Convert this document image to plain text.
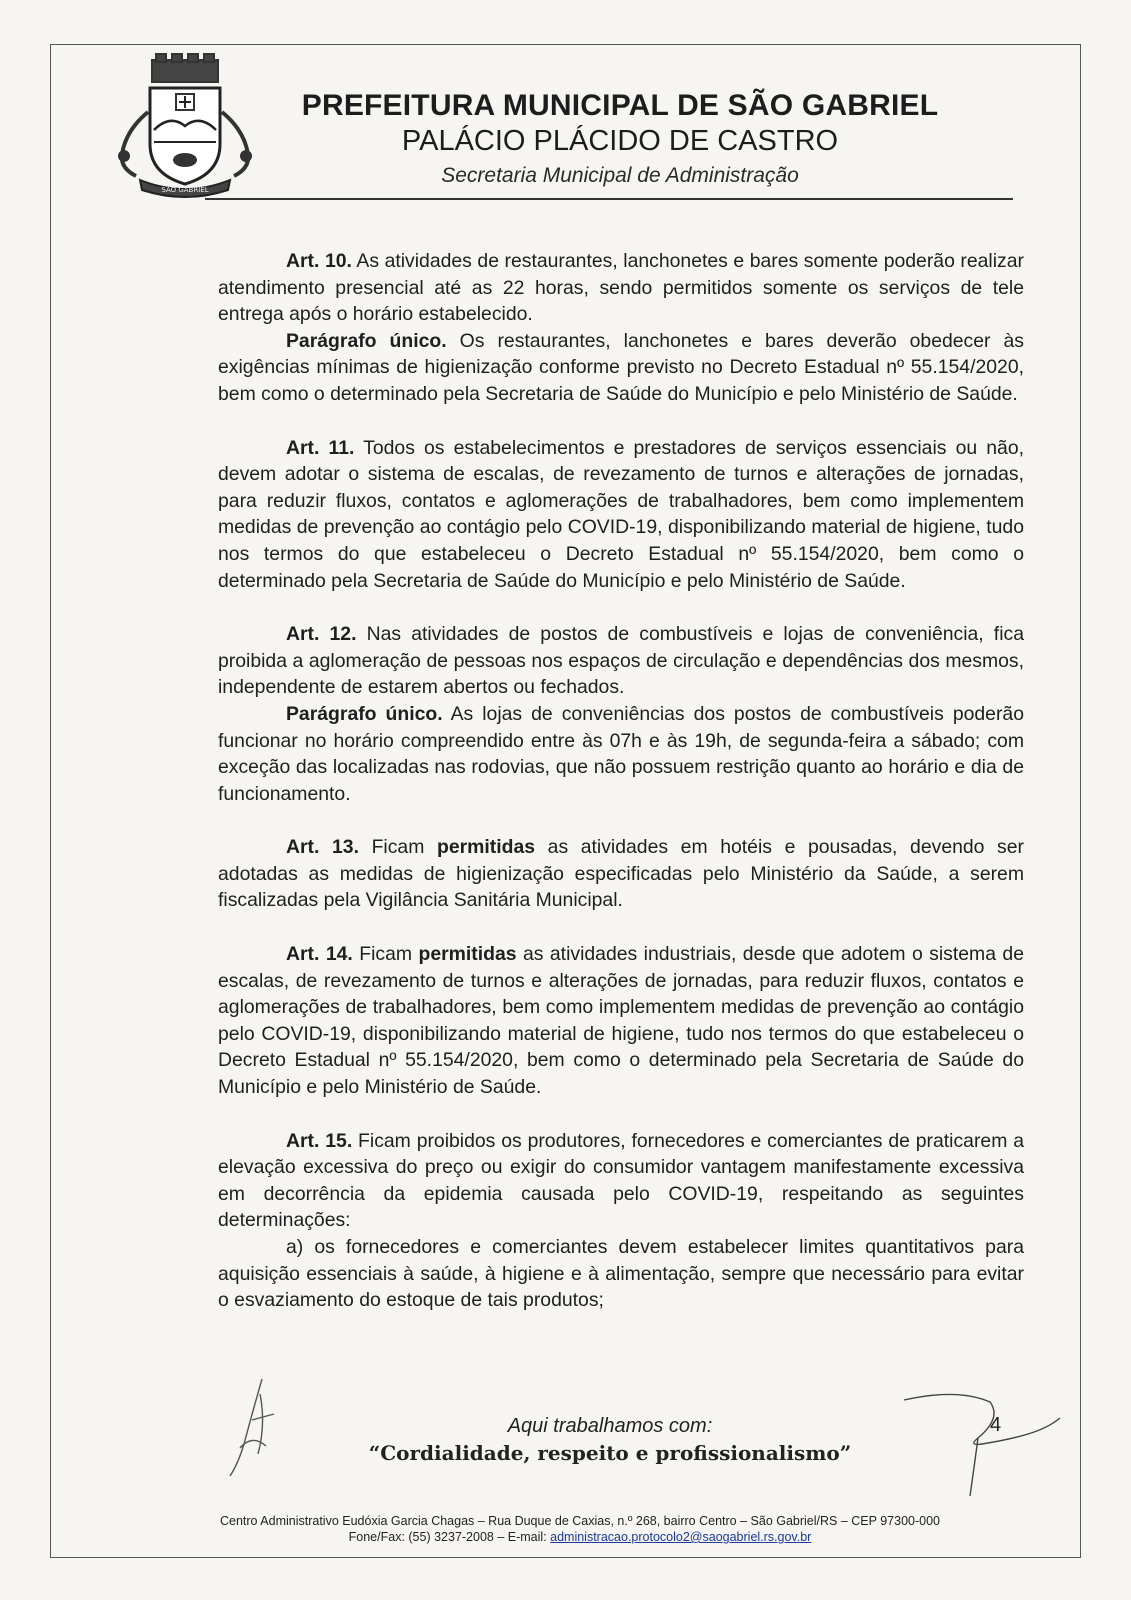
SÃO GABRIEL
PREFEITURA MUNICIPAL DE SÃO GABRIEL
PALÁCIO PLÁCIDO DE CASTRO
Secretaria Municipal de Administração

Art. 10. As atividades de restaurantes, lanchonetes e bares somente poderão realizar atendimento presencial até as 22 horas, sendo permitidos somente os serviços de tele entrega após o horário estabelecido.

Parágrafo único. Os restaurantes, lanchonetes e bares deverão obedecer às exigências mínimas de higienização conforme previsto no Decreto Estadual nº 55.154/2020, bem como o determinado pela Secretaria de Saúde do Município e pelo Ministério de Saúde.

Art. 11. Todos os estabelecimentos e prestadores de serviços essenciais ou não, devem adotar o sistema de escalas, de revezamento de turnos e alterações de jornadas, para reduzir fluxos, contatos e aglomerações de trabalhadores, bem como implementem medidas de prevenção ao contágio pelo COVID-19, disponibilizando material de higiene, tudo nos termos do que estabeleceu o Decreto Estadual nº 55.154/2020, bem como o determinado pela Secretaria de Saúde do Município e pelo Ministério de Saúde.

Art. 12. Nas atividades de postos de combustíveis e lojas de conveniência, fica proibida a aglomeração de pessoas nos espaços de circulação e dependências dos mesmos, independente de estarem abertos ou fechados.

Parágrafo único. As lojas de conveniências dos postos de combustíveis poderão funcionar no horário compreendido entre às 07h e às 19h, de segunda-feira a sábado; com exceção das localizadas nas rodovias, que não possuem restrição quanto ao horário e dia de funcionamento.

Art. 13. Ficam permitidas as atividades em hotéis e pousadas, devendo ser adotadas as medidas de higienização especificadas pelo Ministério da Saúde, a serem fiscalizadas pela Vigilância Sanitária Municipal.

Art. 14. Ficam permitidas as atividades industriais, desde que adotem o sistema de escalas, de revezamento de turnos e alterações de jornadas, para reduzir fluxos, contatos e aglomerações de trabalhadores, bem como implementem medidas de prevenção ao contágio pelo COVID-19, disponibilizando material de higiene, tudo nos termos do que estabeleceu o Decreto Estadual nº 55.154/2020, bem como o determinado pela Secretaria de Saúde do Município e pelo Ministério de Saúde.

Art. 15. Ficam proibidos os produtores, fornecedores e comerciantes de praticarem a elevação excessiva do preço ou exigir do consumidor vantagem manifestamente excessiva em decorrência da epidemia causada pelo COVID-19, respeitando as seguintes determinações:

a) os fornecedores e comerciantes devem estabelecer limites quantitativos para aquisição essenciais à saúde, à higiene e à alimentação, sempre que necessário para evitar o esvaziamento do estoque de tais produtos;

Aqui trabalhamos com:
“Cordialidade, respeito e profissionalismo”
4
Centro Administrativo Eudóxia Garcia Chagas – Rua Duque de Caxias, n.º 268, bairro Centro – São Gabriel/RS – CEP 97300-000
Fone/Fax: (55) 3237-2008 – E-mail: administracao.protocolo2@saogabriel.rs.gov.br
